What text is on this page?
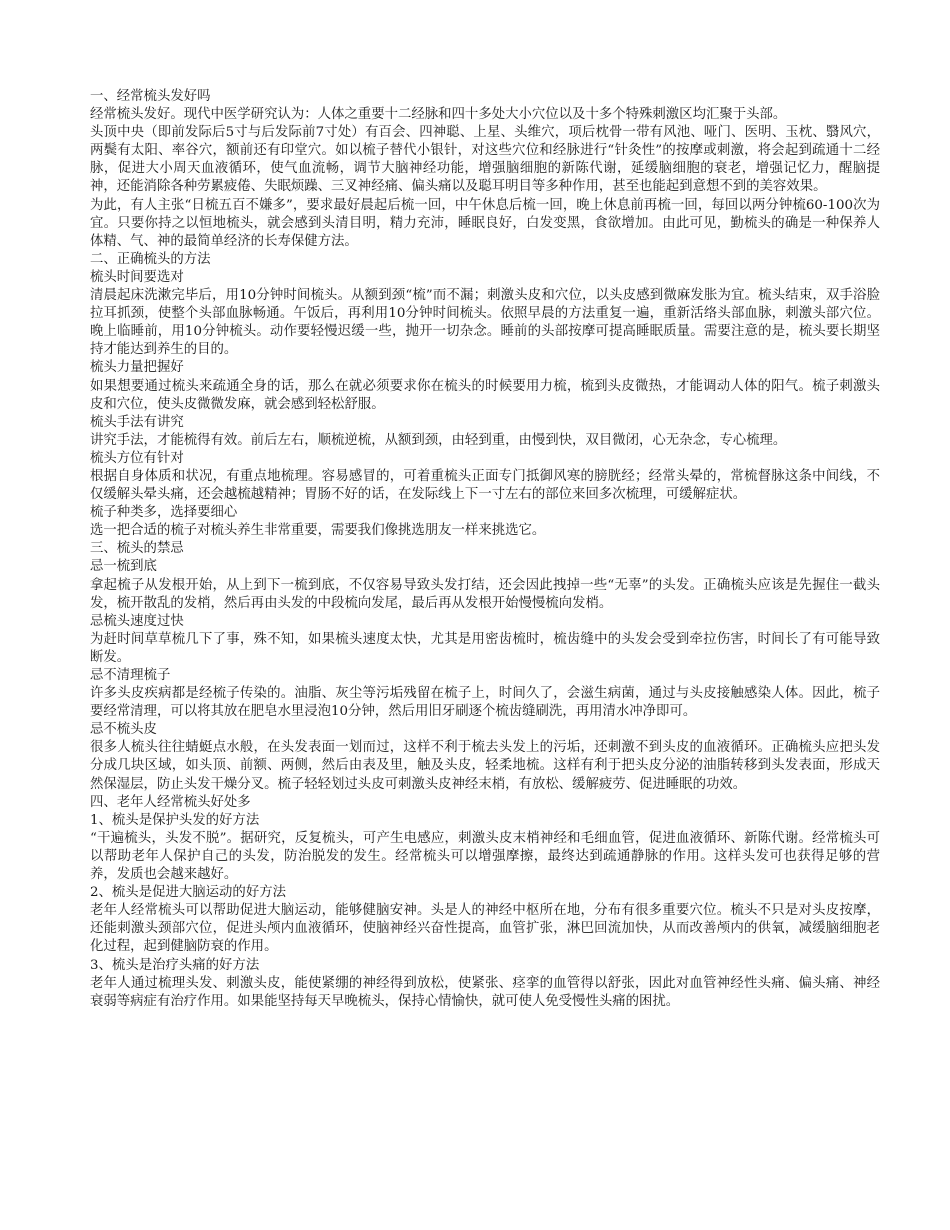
一、经常梳头发好吗

经常梳头发好。现代中医学研究认为：人体之重要十二经脉和四十多处大小穴位以及十多个特殊刺激区均汇聚于头部。

头顶中央（即前发际后5寸与后发际前7寸处）有百会、四神聪、上星、头维穴，项后枕骨一带有风池、哑门、医明、玉枕、翳风穴，两鬓有太阳、率谷穴，额前还有印堂穴。如以梳子替代小银针，对这些穴位和经脉进行“针灸性”的按摩或刺激，将会起到疏通十二经脉，促进大小周天血液循环，使气血流畅，调节大脑神经功能，增强脑细胞的新陈代谢，延缓脑细胞的衰老，增强记忆力，醒脑提神，还能消除各种劳累疲倦、失眠烦躁、三叉神经痛、偏头痛以及聪耳明目等多种作用，甚至也能起到意想不到的美容效果。

为此，有人主张“日梳五百不嫌多”，要求最好晨起后梳一回，中午休息后梳一回，晚上休息前再梳一回，每回以两分钟梳60-100次为宜。只要你持之以恒地梳头，就会感到头清目明，精力充沛，睡眠良好，白发变黑，食欲增加。由此可见，勤梳头的确是一种保养人体精、气、神的最简单经济的长寿保健方法。

二、正确梳头的方法

梳头时间要选对

清晨起床洗漱完毕后，用10分钟时间梳头。从额到颈“梳”而不漏；刺激头皮和穴位，以头皮感到微麻发胀为宜。梳头结束，双手浴脸拉耳抓颈，使整个头部血脉畅通。午饭后，再利用10分钟时间梳头。依照早晨的方法重复一遍，重新活络头部血脉，刺激头部穴位。晚上临睡前，用10分钟梳头。动作要轻慢迟缓一些，抛开一切杂念。睡前的头部按摩可提高睡眠质量。需要注意的是，梳头要长期坚持才能达到养生的目的。

梳头力量把握好

如果想要通过梳头来疏通全身的话，那么在就必须要求你在梳头的时候要用力梳，梳到头皮微热，才能调动人体的阳气。梳子刺激头皮和穴位，使头皮微微发麻，就会感到轻松舒服。

梳头手法有讲究

讲究手法，才能梳得有效。前后左右，顺梳逆梳，从额到颈，由轻到重，由慢到快，双目微闭，心无杂念，专心梳理。

梳头方位有针对

根据自身体质和状况，有重点地梳理。容易感冒的，可着重梳头正面专门抵御风寒的膀胱经；经常头晕的，常梳督脉这条中间线，不仅缓解头晕头痛，还会越梳越精神；胃肠不好的话，在发际线上下一寸左右的部位来回多次梳理，可缓解症状。

梳子种类多，选择要细心

选一把合适的梳子对梳头养生非常重要，需要我们像挑选朋友一样来挑选它。

三、梳头的禁忌

忌一梳到底

拿起梳子从发根开始，从上到下一梳到底，不仅容易导致头发打结，还会因此拽掉一些“无辜”的头发。正确梳头应该是先握住一截头发，梳开散乱的发梢，然后再由头发的中段梳向发尾，最后再从发根开始慢慢梳向发梢。

忌梳头速度过快

为赶时间草草梳几下了事，殊不知，如果梳头速度太快，尤其是用密齿梳时，梳齿缝中的头发会受到牵拉伤害，时间长了有可能导致断发。

忌不清理梳子

许多头皮疾病都是经梳子传染的。油脂、灰尘等污垢残留在梳子上，时间久了，会滋生病菌，通过与头皮接触感染人体。因此，梳子要经常清理，可以将其放在肥皂水里浸泡10分钟，然后用旧牙刷逐个梳齿缝刷洗，再用清水冲净即可。

忌不梳头皮

很多人梳头往往蜻蜓点水般，在头发表面一划而过，这样不利于梳去头发上的污垢，还刺激不到头皮的血液循环。正确梳头应把头发分成几块区域，如头顶、前额、两侧，然后由表及里，触及头皮，轻柔地梳。这样有利于把头皮分泌的油脂转移到头发表面，形成天然保湿层，防止头发干燥分叉。梳子轻轻划过头皮可刺激头皮神经末梢，有放松、缓解疲劳、促进睡眠的功效。

四、老年人经常梳头好处多

1、梳头是保护头发的好方法

“干遍梳头，头发不脱”。据研究，反复梳头，可产生电感应，刺激头皮末梢神经和毛细血管，促进血液循环、新陈代谢。经常梳头可以帮助老年人保护自己的头发，防治脱发的发生。经常梳头可以增强摩擦，最终达到疏通静脉的作用。这样头发可也获得足够的营养，发质也会越来越好。

2、梳头是促进大脑运动的好方法

老年人经常梳头可以帮助促进大脑运动，能够健脑安神。头是人的神经中枢所在地，分布有很多重要穴位。梳头不只是对头皮按摩，还能刺激头颈部穴位，促进头颅内血液循环，使脑神经兴奋性提高，血管扩张，淋巴回流加快，从而改善颅内的供氧，减缓脑细胞老化过程，起到健脑防衰的作用。

3、梳头是治疗头痛的好方法

老年人通过梳理头发、刺激头皮，能使紧绷的神经得到放松，使紧张、痉挛的血管得以舒张，因此对血管神经性头痛、偏头痛、神经衰弱等病症有治疗作用。如果能坚持每天早晚梳头，保持心情愉快，就可使人免受慢性头痛的困扰。
